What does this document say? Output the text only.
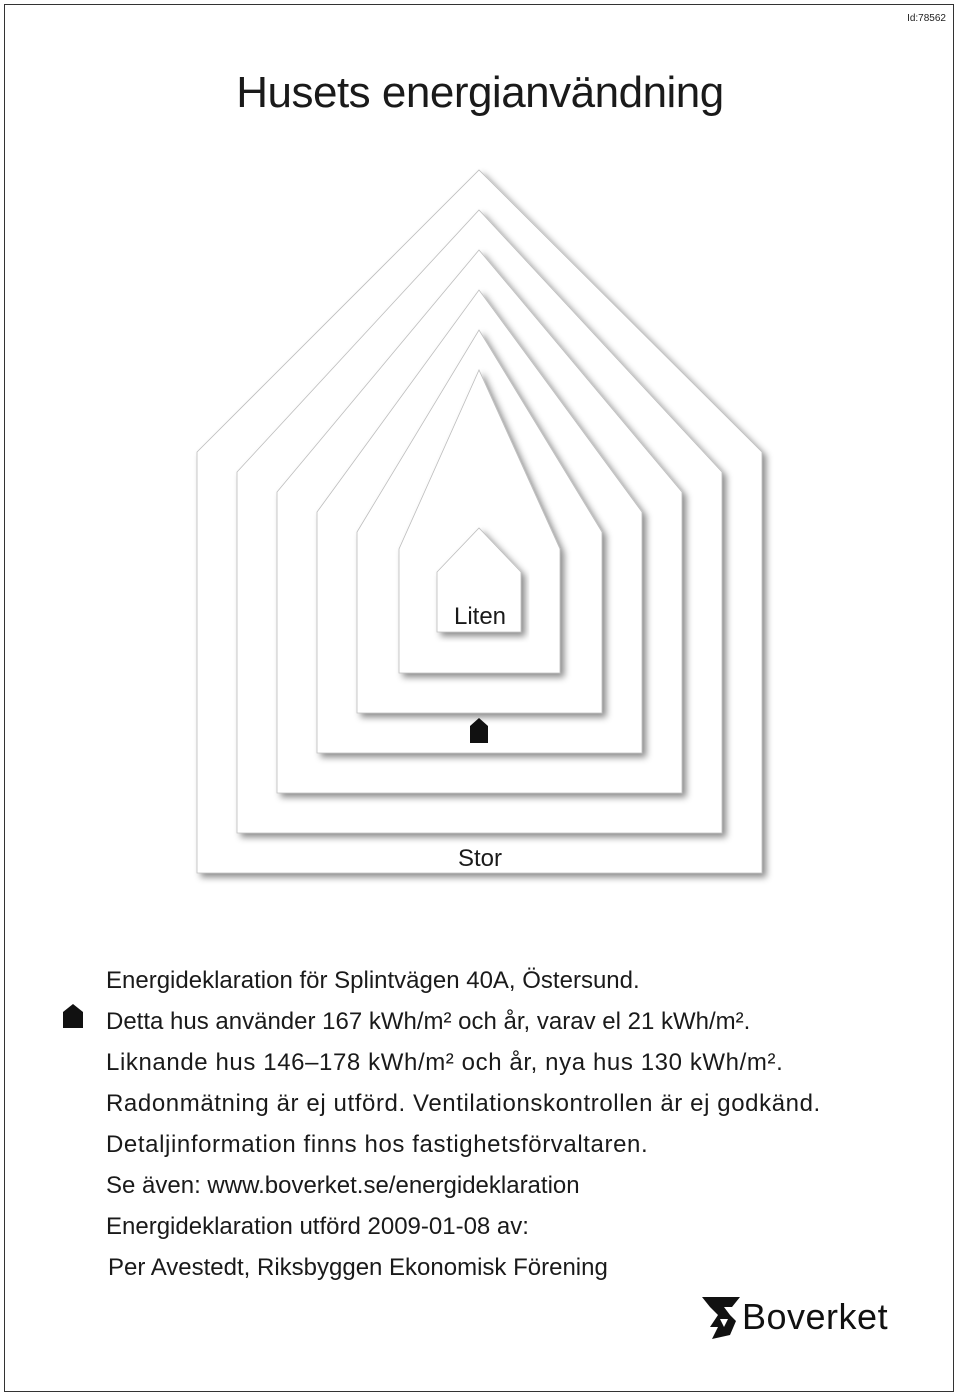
Id:78562
Husets energianvändning
Liten
Stor
Energideklaration för Splintvägen 40A, Östersund.
Detta hus använder 167 kWh/m² och år, varav el 21 kWh/m².
Liknande hus 146–178 kWh/m² och år, nya hus 130 kWh/m².
Radonmätning är ej utförd. Ventilationskontrollen är ej godkänd.
Detaljinformation finns hos fastighetsförvaltaren.
Se även: www.boverket.se/energideklaration
Energideklaration utförd 2009-01-08 av:
Per Avestedt, Riksbyggen Ekonomisk Förening
Boverket
